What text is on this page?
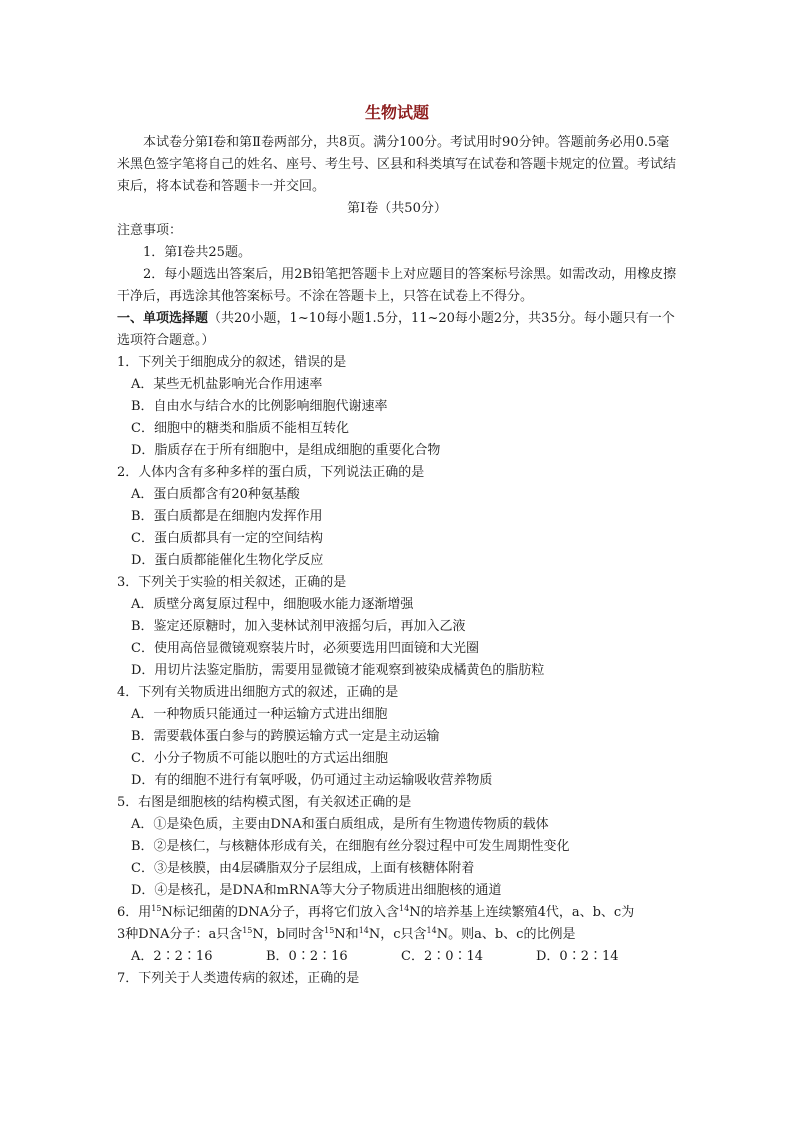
生物试题
本试卷分第Ⅰ卷和第Ⅱ卷两部分，共8页。满分100分。考试用时90分钟。答题前务必用0.5毫米黑色签字笔将自己的姓名、座号、考生号、区县和科类填写在试卷和答题卡规定的位置。考试结束后，将本试卷和答题卡一并交回。
第Ⅰ卷（共50分）
注意事项：
1．第Ⅰ卷共25题。
2．每小题选出答案后，用2B铅笔把答题卡上对应题目的答案标号涂黑。如需改动，用橡皮擦干净后，再选涂其他答案标号。不涂在答题卡上，只答在试卷上不得分。
一、单项选择题（共20小题，1~10每小题1.5分，11~20每小题2分，共35分。每小题只有一个选项符合题意。）
1．下列关于细胞成分的叙述，错误的是
A．某些无机盐影响光合作用速率
B．自由水与结合水的比例影响细胞代谢速率
C．细胞中的糖类和脂质不能相互转化
D．脂质存在于所有细胞中，是组成细胞的重要化合物
2．人体内含有多种多样的蛋白质，下列说法正确的是
A．蛋白质都含有20种氨基酸
B．蛋白质都是在细胞内发挥作用
C．蛋白质都具有一定的空间结构
D．蛋白质都能催化生物化学反应
3．下列关于实验的相关叙述，正确的是
A．质壁分离复原过程中，细胞吸水能力逐渐增强
B．鉴定还原糖时，加入斐林试剂甲液摇匀后，再加入乙液
C．使用高倍显微镜观察装片时，必须要选用凹面镜和大光圈
D．用切片法鉴定脂肪，需要用显微镜才能观察到被染成橘黄色的脂肪粒
4．下列有关物质进出细胞方式的叙述，正确的是
A．一种物质只能通过一种运输方式进出细胞
B．需要载体蛋白参与的跨膜运输方式一定是主动运输
C．小分子物质不可能以胞吐的方式运出细胞
D．有的细胞不进行有氧呼吸，仍可通过主动运输吸收营养物质
5．右图是细胞核的结构模式图，有关叙述正确的是
A．①是染色质，主要由DNA和蛋白质组成，是所有生物遗传物质的载体
B．②是核仁，与核糖体形成有关，在细胞有丝分裂过程中可发生周期性变化
C．③是核膜，由4层磷脂双分子层组成，上面有核糖体附着
D．④是核孔，是DNA和mRNA等大分子物质进出细胞核的通道
6．用$^{15}$N标记细菌的DNA分子，再将它们放入含$^{14}$N的培养基上连续繁殖4代，a、b、c为
3种DNA分子：a只含$^{15}$N，b同时含$^{15}$N和$^{14}$N，c只含$^{14}$N。则a、b、c的比例是
A．2∶2∶16	B．0∶2∶16	C．2∶0∶14	D．0∶2∶14
7．下列关于人类遗传病的叙述，正确的是
